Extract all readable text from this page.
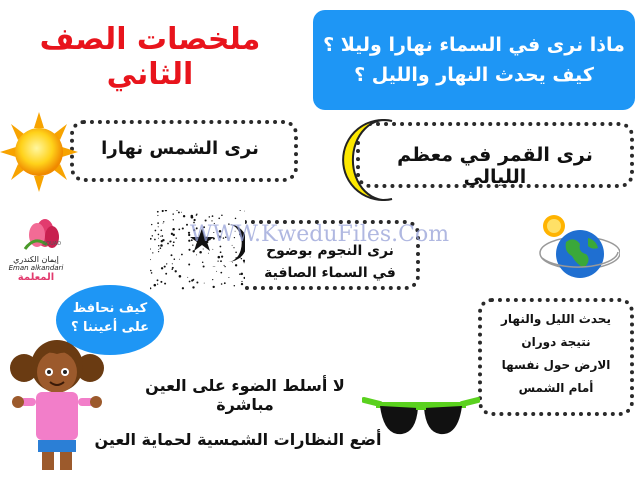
ملخصات الصف الثاني
ماذا نرى في السماء نهارا وليلا ؟
كيف يحدث النهار والليل ؟
نرى الشمس نهارا	نرى القمر في معظم الليالي
نرى النجوم بوضوح
في السماء الصافية
WWW.KweduFiles.Com
SOUAD
إيمان الكندري
Eman alkandari
المعلمة
يحدث الليل والنهار
نتيجة دوران
الارض حول نفسها
أمام الشمس
كيف نحافظ
على أعيننا ؟
لا أسلط الضوء على العين مباشرة
أضع النظارات الشمسية لحماية العين
